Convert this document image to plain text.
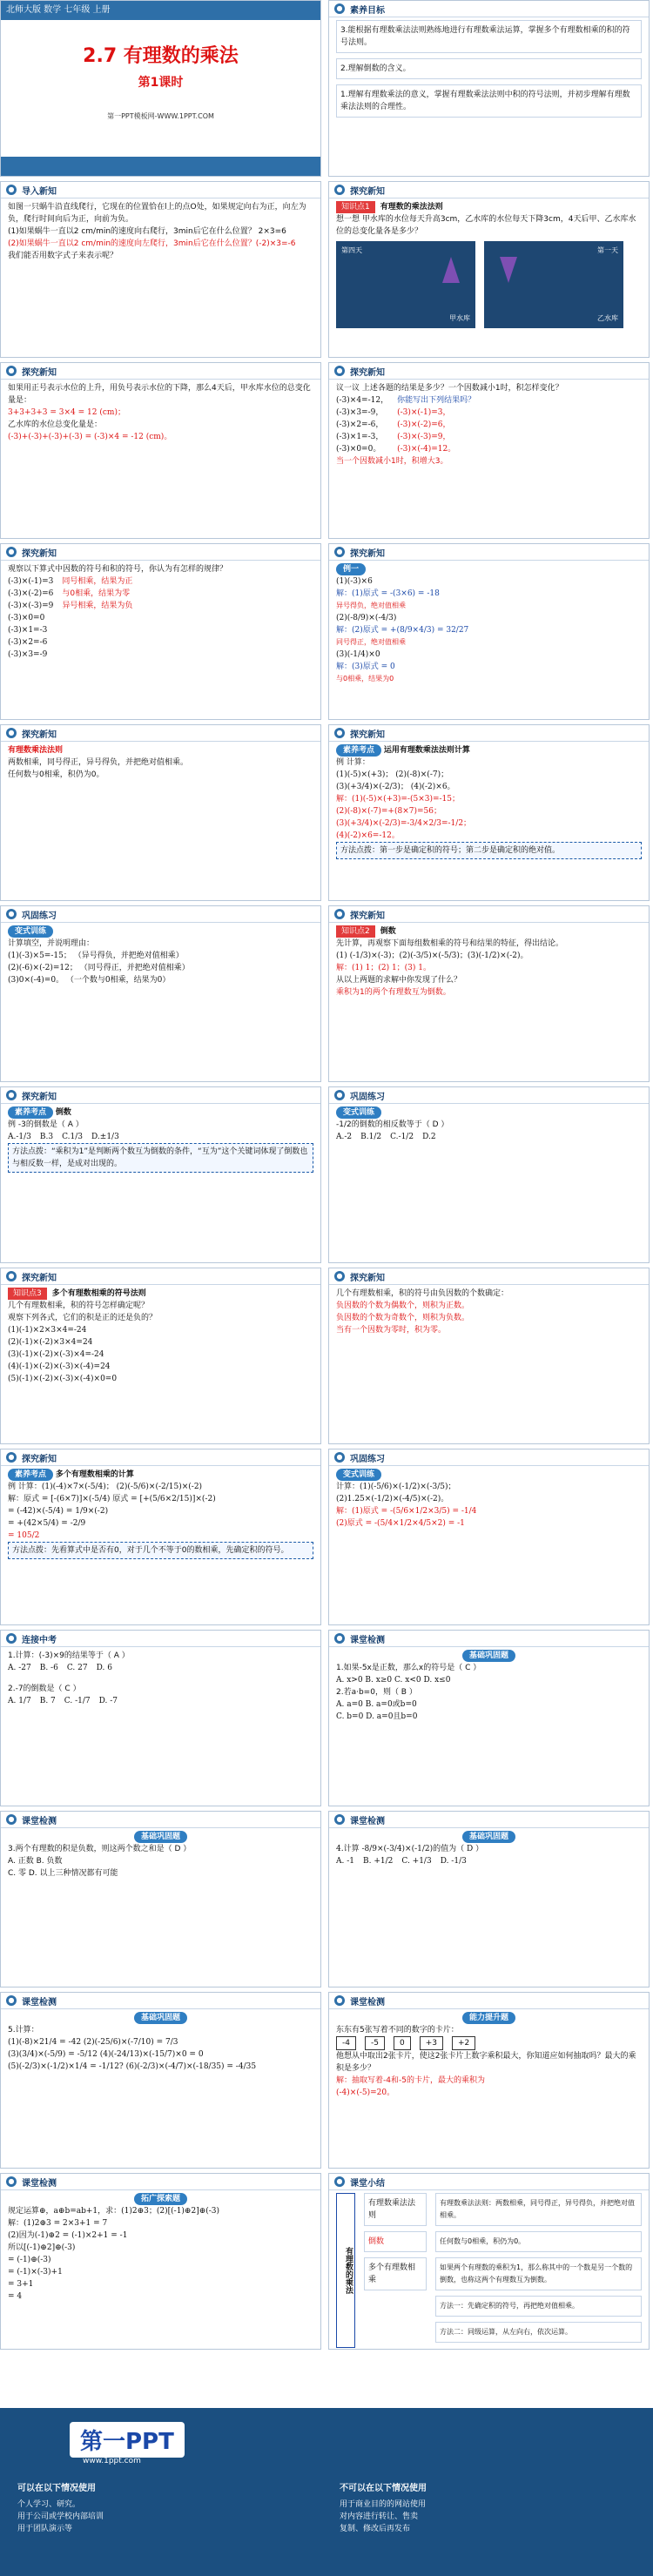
北师大版 数学 七年级 上册
2.7 有理数的乘法
第1课时
第一PPT模板网-WWW.1PPT.COM
● 素养目标
3.能根据有理数乘法法则熟练地进行有理数乘法运算，掌握多个有理数相乘的积的符号法则。
2.理解倒数的含义。
1.理解有理数乘法的意义，掌握有理数乘法法则中积的符号法则，并初步理解有理数乘法法则的合理性。
● 导入新知
如图一只蜗牛沿直线爬行，它现在的位置恰在l上的点O处，如果规定向右为正，向左为负，爬行时间向后为正，向前为负。
(1)如果蜗牛一直以2 cm/min的速度向右爬行，3min后它在什么位置？ 2×3=6
(2)如果蜗牛一直以2 cm/min的速度向左爬行，3min后它在什么位置？(-2)×3=-6
我们能否用数字式子来表示呢？
● 探究新知
知识点1 有理数的乘法法则
想一想 甲水库的水位每天升高3cm，乙水库的水位每天下降3cm，4天后甲、乙水库水位的总变化量各是多少？
第四天
甲水库
第一天
乙水库
● 探究新知
如果用正号表示水位的上升，用负号表示水位的下降，那么4天后，甲水库水位的总变化量是：
3+3+3+3 = 3×4 = 12 (cm)；
乙水库的水位总变化量是：
(-3)+(-3)+(-3)+(-3) = (-3)×4 = -12 (cm)。
● 探究新知
议一议 上述各题的结果是多少？一个因数减小1时，积怎样变化？
(-3)×4=-12，
(-3)×3=-9，
(-3)×2=-6，
(-3)×1=-3，
(-3)×0=0。
你能写出下列结果吗？
(-3)×(-1)=3，
(-3)×(-2)=6，
(-3)×(-3)=9，
(-3)×(-4)=12。
当一个因数减小1时，积增大3。
● 探究新知
观察以下算式中因数的符号和积的符号，你认为有怎样的规律？
(-3)×(-1)=3
(-3)×(-2)=6
(-3)×(-3)=9
(-3)×0=0
(-3)×1=-3
(-3)×2=-6
(-3)×3=-9
同号相乘，结果为正
与0相乘，结果为零
异号相乘，结果为负
● 探究新知
例一
(1)(-3)×6
解：(1)原式 = -(3×6) = -18
异号得负，绝对值相乘
(2)(-8/9)×(-4/3)
解：(2)原式 = +(8/9×4/3) = 32/27
同号得正，绝对值相乘
(3)(-1/4)×0
解：(3)原式 = 0
与0相乘，结果为0
● 探究新知
有理数乘法法则
两数相乘，同号得正，异号得负，并把绝对值相乘。
任何数与0相乘，积仍为0。
● 探究新知
素养考点 运用有理数乘法法则计算
例 计算：
(1)(-5)×(+3)； (2)(-8)×(-7)；
(3)(+3/4)×(-2/3)； (4)(-2)×6。
解：(1)(-5)×(+3)=-(5×3)=-15；
(2)(-8)×(-7)=+(8×7)=56；
(3)(+3/4)×(-2/3)=-3/4×2/3=-1/2；
(4)(-2)×6=-12。
方法点拨：第一步是确定积的符号；第二步是确定积的绝对值。
● 巩固练习
变式训练
计算填空，并说明理由：
(1)(-3)×5=-15； （异号得负，并把绝对值相乘）
(2)(-6)×(-2)=12； （同号得正，并把绝对值相乘）
(3)0×(-4)=0。 （一个数与0相乘，结果为0）
● 探究新知
知识点2 倒数
先计算，再观察下面每组数相乘的符号和结果的特征，得出结论。
(1) (-1/3)×(-3)；(2)(-3/5)×(-5/3)；(3)(-1/2)×(-2)。
解：(1) 1；(2) 1；(3) 1。
从以上两题的求解中你发现了什么？
乘积为1的两个有理数互为倒数。
● 探究新知
素养考点 倒数
例 -3的倒数是（ A ）
A.-1/3 B.3 C.1/3 D.±1/3
方法点拨：“乘积为1”是判断两个数互为倒数的条件，“互为”这个关键词体现了倒数也与相反数一样，是成对出现的。
● 巩固练习
变式训练
-1/2的倒数的相反数等于（ D ）
A.-2 B.1/2 C.-1/2 D.2
● 探究新知
知识点3 多个有理数相乘的符号法则
几个有理数相乘，积的符号怎样确定呢？
观察下列各式，它们的积是正的还是负的？
(1)(-1)×2×3×4=-24
(2)(-1)×(-2)×3×4=24
(3)(-1)×(-2)×(-3)×4=-24
(4)(-1)×(-2)×(-3)×(-4)=24
(5)(-1)×(-2)×(-3)×(-4)×0=0
● 探究新知
几个有理数相乘，积的符号由负因数的个数确定：
负因数的个数为偶数个，则积为正数。
负因数的个数为奇数个，则积为负数。
当有一个因数为零时，积为零。
● 探究新知
素养考点 多个有理数相乘的计算
例 计算：(1)(-4)×7×(-5/4)； (2)(-5/6)×(-2/15)×(-2)
解：原式 = [-(6×7)]×(-5/4) 原式 = [+(5/6×2/15)]×(-2)
= (-42)×(-5/4) = 1/9×(-2)
= +(42×5/4) = -2/9
= 105/2
方法点拨：先看算式中是否有0，对于几个不等于0的数相乘，先确定积的符号。
● 巩固练习
变式训练
计算：(1)(-5/6)×(-1/2)×(-3/5)；
(2)1.25×(-1/2)×(-4/5)×(-2)。
解：(1)原式 = -(5/6×1/2×3/5) = -1/4
(2)原式 = -(5/4×1/2×4/5×2) = -1
● 连接中考
1.计算：(-3)×9的结果等于（ A ）
A. -27 B. -6 C. 27 D. 6
2.-7的倒数是（ C ）
A. 1/7 B. 7 C. -1/7 D. -7
● 课堂检测
基础巩固题
1.如果-5x是正数，那么x的符号是（ C ）
A. x>0 B. x≥0 C. x<0 D. x≤0
2.若a·b=0，则（ B ）
A. a=0 B. a=0或b=0
C. b=0 D. a=0且b=0
● 课堂检测
基础巩固题
3.两个有理数的积是负数，则这两个数之和是（ D ）
A. 正数 B. 负数
C. 零 D. 以上三种情况都有可能
● 课堂检测
基础巩固题
4.计算 -8/9×(-3/4)×(-1/2)的值为（ D ）
A. -1 B. +1/2 C. +1/3 D. -1/3
● 课堂检测
基础巩固题
5.计算：
(1)(-8)×21/4 = -42 (2)(-25/6)×(-7/10) = 7/3
(3)(3/4)×(-5/9) = -5/12 (4)(-24/13)×(-15/7)×0 = 0
(5)(-2/3)×(-1/2)×1/4 = -1/12? (6)(-2/3)×(-4/7)×(-18/35) = -4/35
● 课堂检测
能力提升题
东东有5张写着不同的数字的卡片：
-4	-5	0	+3	+2
他想从中取出2张卡片，使这2张卡片上数字乘积最大，你知道应如何抽取吗？最大的乘积是多少？
解：抽取写着-4和-5的卡片，最大的乘积为
(-4)×(-5)=20。
● 课堂检测
拓广探索题
规定运算⊕，a⊕b=ab+1，求：(1)2⊕3；(2)[(-1)⊕2]⊕(-3)
解：(1)2⊕3 = 2×3+1 = 7
(2)因为(-1)⊕2 = (-1)×2+1 = -1
所以[(-1)⊕2]⊕(-3)
= (-1)⊕(-3)
= (-1)×(-3)+1
= 3+1
= 4
● 课堂小结
有理数的乘法
有理数乘法法则
倒数
多个有理数相乘
有理数乘法法则：两数相乘，同号得正，异号得负，并把绝对值相乘。
任何数与0相乘，积仍为0。
如果两个有理数的乘积为1，那么称其中的一个数是另一个数的倒数，也称这两个有理数互为倒数。
方法一：先确定积的符号，再把绝对值相乘。
方法二：同级运算，从左向右，依次运算。
第一PPT
www.1ppt.com
可以在以下情况使用
个人学习、研究。
用于公司或学校内部培训
用于团队演示等
不可以在以下情况使用
用于商业目的的网站使用
对内容进行转让、售卖
复制、修改后再发布
